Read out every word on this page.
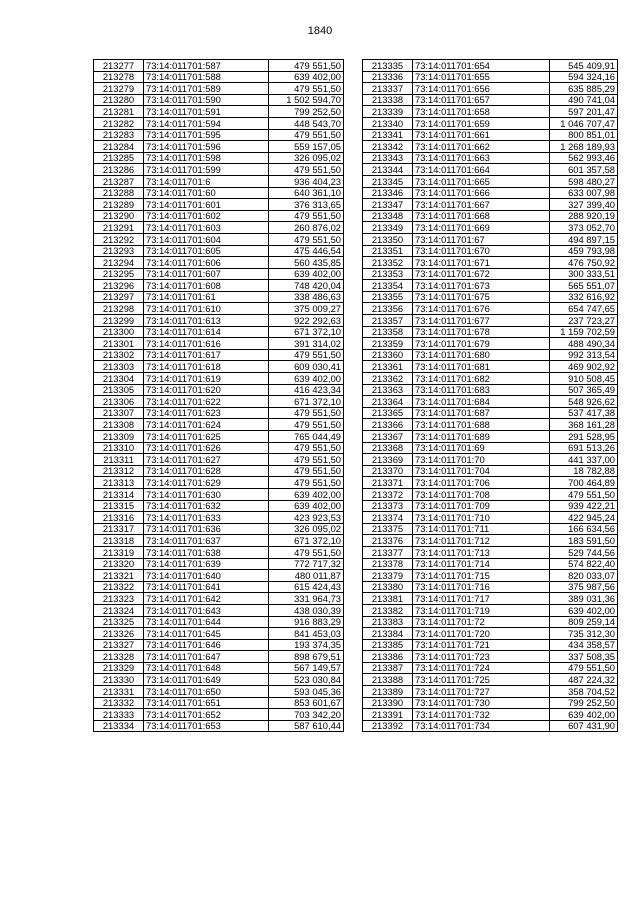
1840
213277	73:14:011701:587	479 551,50
213278	73:14:011701:588	639 402,00
213279	73:14:011701:589	479 551,50
213280	73:14:011701:590	1 502 594,70
213281	73:14:011701:591	799 252,50
213282	73:14:011701:594	448 543,70
213283	73:14:011701:595	479 551,50
213284	73:14:011701:596	559 157,05
213285	73:14:011701:598	326 095,02
213286	73:14:011701:599	479 551,50
213287	73:14:011701:6	936 404,23
213288	73:14:011701:60	640 361,10
213289	73:14:011701:601	376 313,65
213290	73:14:011701:602	479 551,50
213291	73:14:011701:603	260 876,02
213292	73:14:011701:604	479 551,50
213293	73:14:011701:605	475 446,54
213294	73:14:011701:606	560 435,85
213295	73:14:011701:607	639 402,00
213296	73:14:011701:608	748 420,04
213297	73:14:011701:61	338 486,63
213298	73:14:011701:610	375 009,27
213299	73:14:011701:613	922 292,63
213300	73:14:011701:614	671 372,10
213301	73:14:011701:616	391 314,02
213302	73:14:011701:617	479 551,50
213303	73:14:011701:618	609 030,41
213304	73:14:011701:619	639 402,00
213305	73:14:011701:620	416 423,34
213306	73:14:011701:622	671 372,10
213307	73:14:011701:623	479 551,50
213308	73:14:011701:624	479 551,50
213309	73:14:011701:625	765 044,49
213310	73:14:011701:626	479 551,50
213311	73:14:011701:627	479 551,50
213312	73:14:011701:628	479 551,50
213313	73:14:011701:629	479 551,50
213314	73:14:011701:630	639 402,00
213315	73:14:011701:632	639 402,00
213316	73:14:011701:633	423 923,53
213317	73:14:011701:636	326 095,02
213318	73:14:011701:637	671 372,10
213319	73:14:011701:638	479 551,50
213320	73:14:011701:639	772 717,32
213321	73:14:011701:640	480 011,87
213322	73:14:011701:641	615 424,43
213323	73:14:011701:642	331 964,73
213324	73:14:011701:643	438 030,39
213325	73:14:011701:644	916 883,29
213326	73:14:011701:645	841 453,03
213327	73:14:011701:646	193 374,35
213328	73:14:011701:647	898 679,51
213329	73:14:011701:648	567 149,57
213330	73:14:011701:649	523 030,84
213331	73:14:011701:650	593 045,36
213332	73:14:011701:651	853 601,67
213333	73:14:011701:652	703 342,20
213334	73:14:011701:653	587 610,44
213335	73:14:011701:654	545 409,91
213336	73:14:011701:655	594 324,16
213337	73:14:011701:656	635 885,29
213338	73:14:011701:657	490 741,04
213339	73:14:011701:658	597 201,47
213340	73:14:011701:659	1 046 707,47
213341	73:14:011701:661	800 851,01
213342	73:14:011701:662	1 268 189,93
213343	73:14:011701:663	562 993,46
213344	73:14:011701:664	601 357,58
213345	73:14:011701:665	598 480,27
213346	73:14:011701:666	633 007,98
213347	73:14:011701:667	327 399,40
213348	73:14:011701:668	288 920,19
213349	73:14:011701:669	373 052,70
213350	73:14:011701:67	494 897,15
213351	73:14:011701:670	459 793,98
213352	73:14:011701:671	476 750,92
213353	73:14:011701:672	300 333,51
213354	73:14:011701:673	565 551,07
213355	73:14:011701:675	332 616,92
213356	73:14:011701:676	654 747,65
213357	73:14:011701:677	237 723,27
213358	73:14:011701:678	1 159 702,59
213359	73:14:011701:679	488 490,34
213360	73:14:011701:680	992 313,54
213361	73:14:011701:681	469 902,92
213362	73:14:011701:682	910 508,45
213363	73:14:011701:683	507 365,49
213364	73:14:011701:684	548 926,62
213365	73:14:011701:687	537 417,38
213366	73:14:011701:688	368 161,28
213367	73:14:011701:689	291 528,95
213368	73:14:011701:69	691 513,26
213369	73:14:011701:70	441 337,00
213370	73:14:011701:704	18 782,88
213371	73:14:011701:706	700 464,89
213372	73:14:011701:708	479 551,50
213373	73:14:011701:709	939 422,21
213374	73:14:011701:710	422 945,24
213375	73:14:011701:711	166 634,56
213376	73:14:011701:712	183 591,50
213377	73:14:011701:713	529 744,56
213378	73:14:011701:714	574 822,40
213379	73:14:011701:715	820 033,07
213380	73:14:011701:716	375 987,56
213381	73:14:011701:717	389 031,36
213382	73:14:011701:719	639 402,00
213383	73:14:011701:72	809 259,14
213384	73:14:011701:720	735 312,30
213385	73:14:011701:721	434 358,57
213386	73:14:011701:723	337 508,35
213387	73:14:011701:724	479 551,50
213388	73:14:011701:725	487 224,32
213389	73:14:011701:727	358 704,52
213390	73:14:011701:730	799 252,50
213391	73:14:011701:732	639 402,00
213392	73:14:011701:734	607 431,90
